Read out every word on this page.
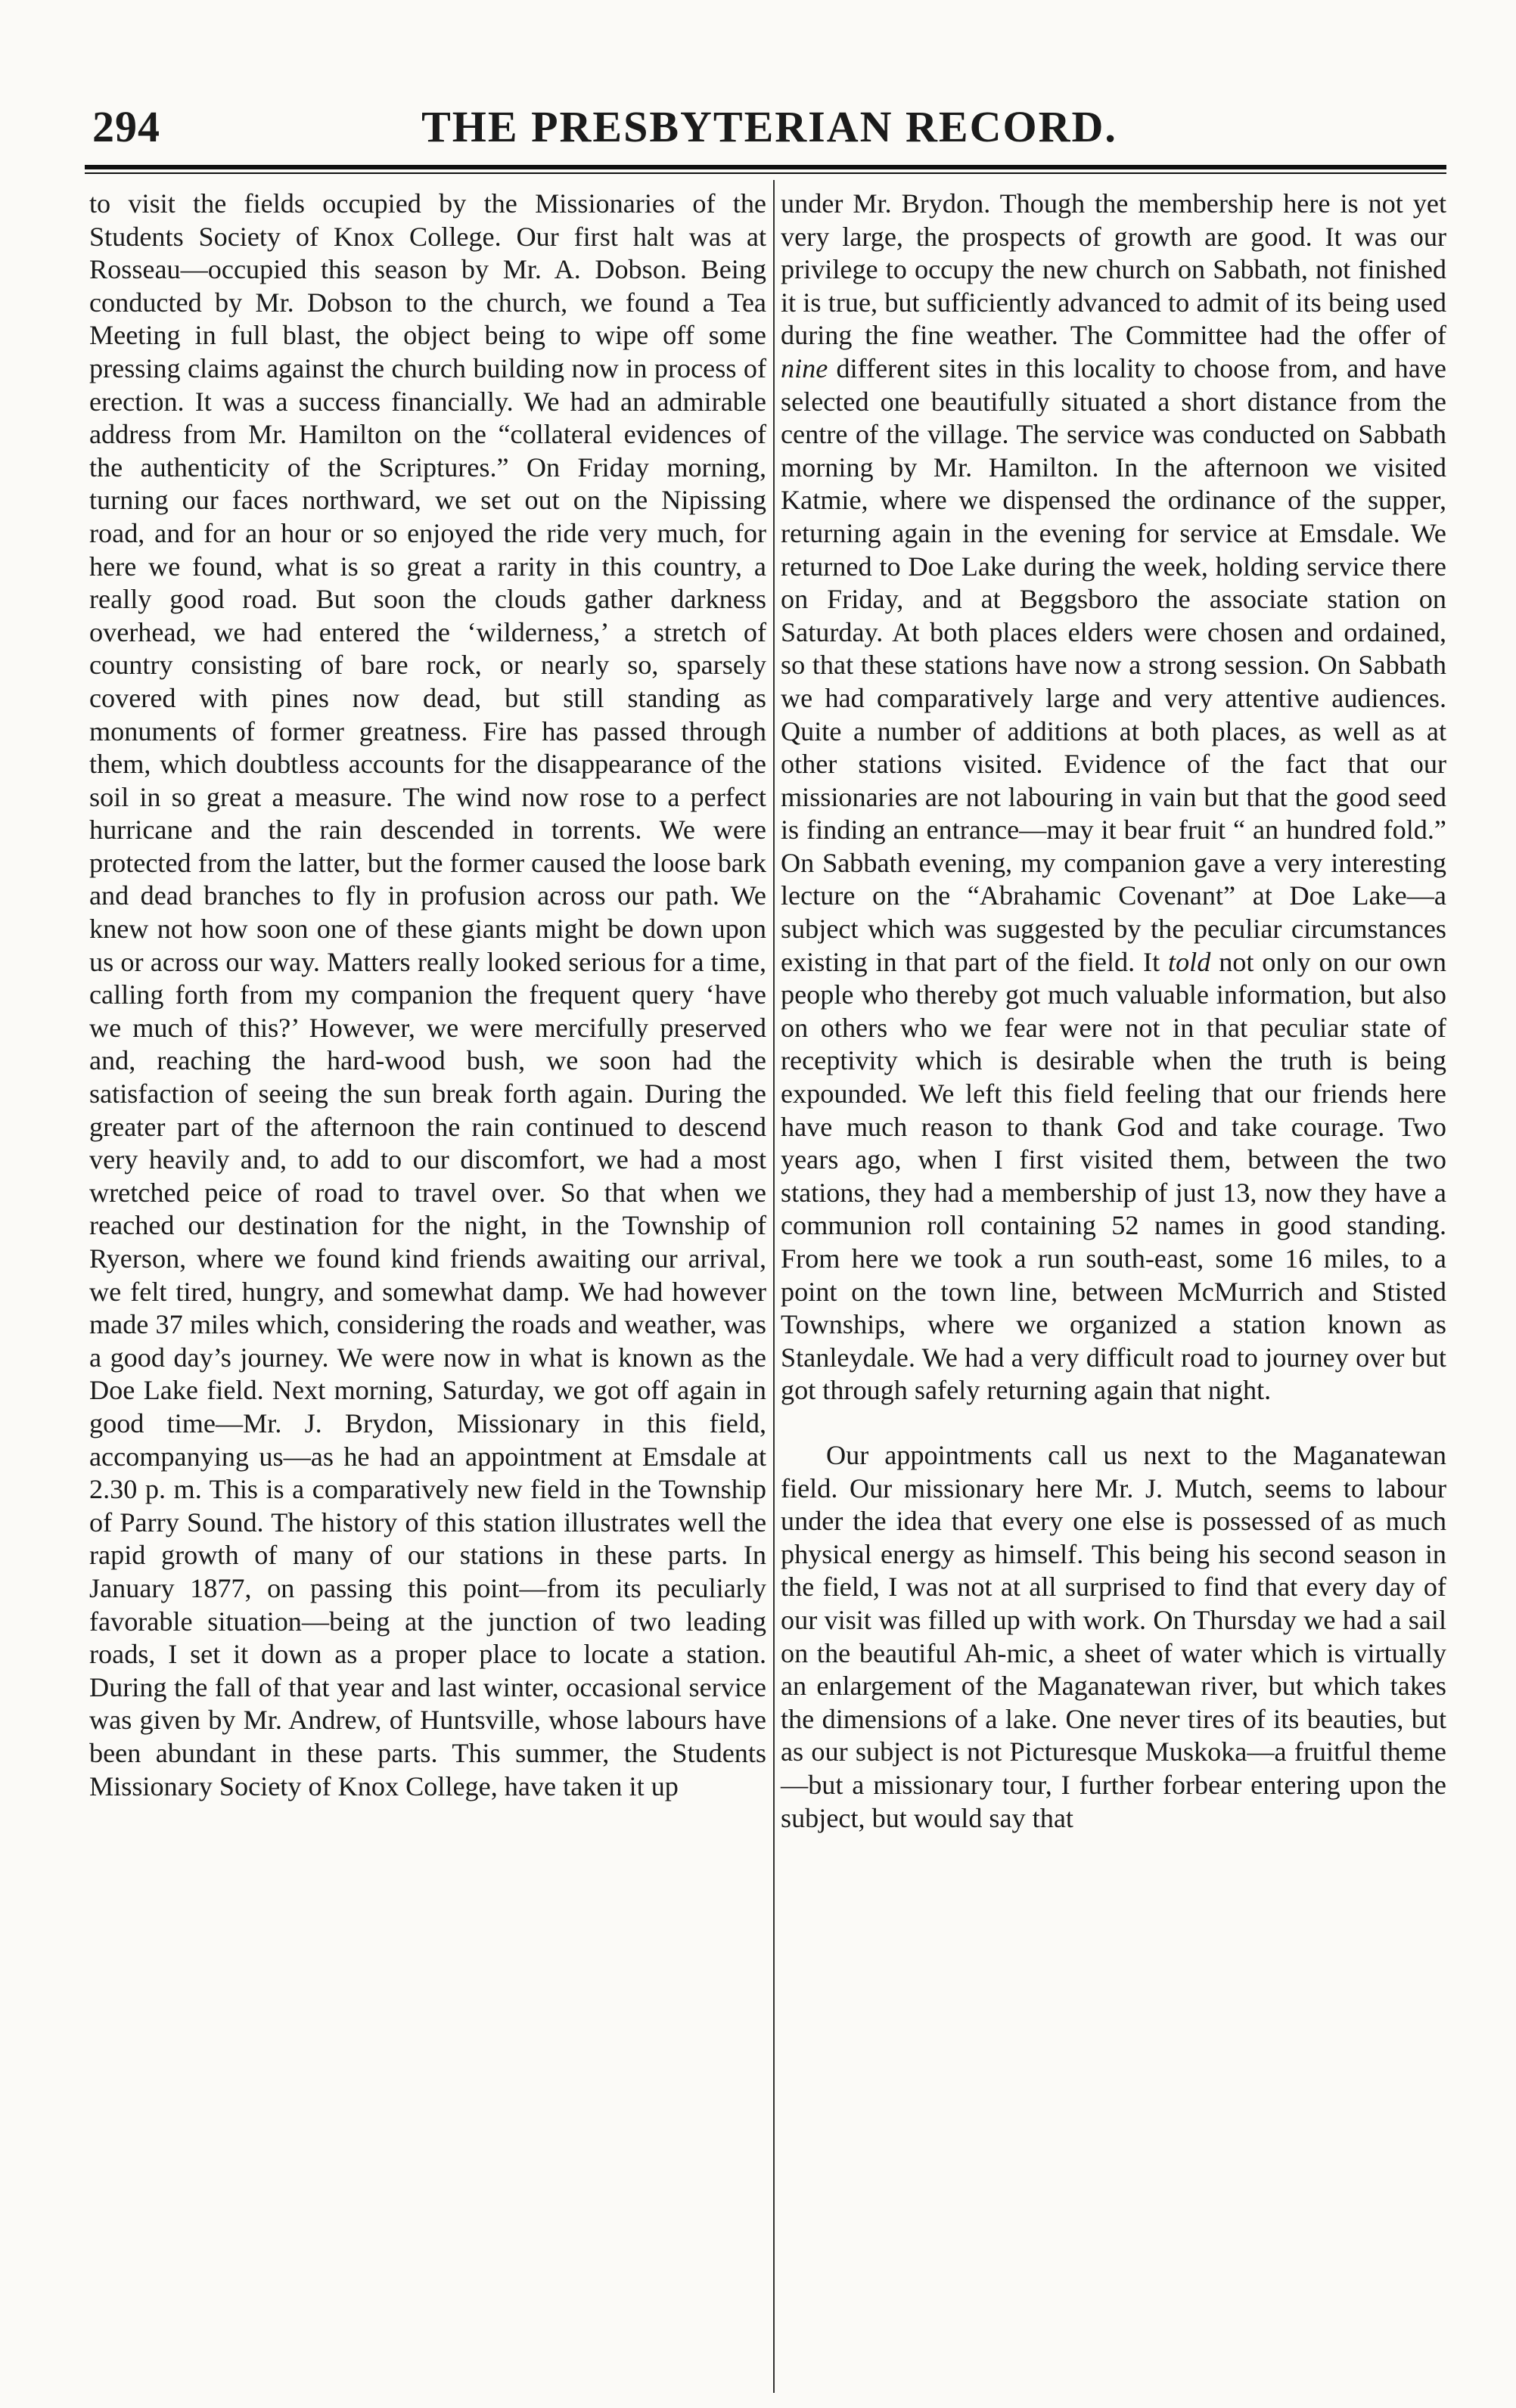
294	THE PRESBYTERIAN RECORD.

to visit the fields occupied by the Missionaries of the Students Society of Knox College. Our first halt was at Rosseau—occupied this season by Mr. A. Dobson. Being conducted by Mr. Dobson to the church, we found a Tea Meeting in full blast, the object being to wipe off some pressing claims against the church building now in process of erection. It was a success financially. We had an admirable address from Mr. Hamilton on the “collateral evidences of the authenticity of the Scriptures.” On Friday morning, turning our faces northward, we set out on the Nipissing road, and for an hour or so enjoyed the ride very much, for here we found, what is so great a rarity in this country, a really good road. But soon the clouds gather darkness overhead, we had entered the ‘wilderness,’ a stretch of country consisting of bare rock, or nearly so, sparsely covered with pines now dead, but still standing as monuments of former greatness. Fire has passed through them, which doubtless accounts for the disappearance of the soil in so great a measure. The wind now rose to a perfect hurricane and the rain descended in torrents. We were protected from the latter, but the former caused the loose bark and dead branches to fly in profusion across our path. We knew not how soon one of these giants might be down upon us or across our way. Matters really looked serious for a time, calling forth from my companion the frequent query ‘have we much of this?’ However, we were mercifully preserved and, reaching the hard-wood bush, we soon had the satisfaction of seeing the sun break forth again. During the greater part of the afternoon the rain continued to descend very heavily and, to add to our discomfort, we had a most wretched peice of road to travel over. So that when we reached our destination for the night, in the Township of Ryerson, where we found kind friends awaiting our arrival, we felt tired, hungry, and somewhat damp. We had however made 37 miles which, considering the roads and weather, was a good day’s journey. We were now in what is known as the Doe Lake field. Next morning, Saturday, we got off again in good time—Mr. J. Brydon, Missionary in this field, accompanying us—as he had an appointment at Emsdale at 2.30 p. m. This is a comparatively new field in the Township of Parry Sound. The history of this station illustrates well the rapid growth of many of our stations in these parts. In January 1877, on passing this point—from its peculiarly favorable situation—being at the junction of two leading roads, I set it down as a proper place to locate a station. During the fall of that year and last winter, occasional service was given by Mr. Andrew, of Huntsville, whose labours have been abundant in these parts. This summer, the Students Missionary Society of Knox College, have taken it up

under Mr. Brydon. Though the membership here is not yet very large, the prospects of growth are good. It was our privilege to occupy the new church on Sabbath, not finished it is true, but sufficiently advanced to admit of its being used during the fine weather. The Committee had the offer of nine different sites in this locality to choose from, and have selected one beautifully situated a short distance from the centre of the village. The service was conducted on Sabbath morning by Mr. Hamilton. In the afternoon we visited Katmie, where we dispensed the ordinance of the supper, returning again in the evening for service at Emsdale. We returned to Doe Lake during the week, holding service there on Friday, and at Beggsboro the associate station on Saturday. At both places elders were chosen and ordained, so that these stations have now a strong session. On Sabbath we had comparatively large and very attentive audiences. Quite a number of additions at both places, as well as at other stations visited. Evidence of the fact that our missionaries are not labouring in vain but that the good seed is finding an entrance—may it bear fruit “ an hundred fold.” On Sabbath evening, my companion gave a very interesting lecture on the “Abrahamic Covenant” at Doe Lake—a subject which was suggested by the peculiar circumstances existing in that part of the field. It told not only on our own people who thereby got much valuable information, but also on others who we fear were not in that peculiar state of receptivity which is desirable when the truth is being expounded. We left this field feeling that our friends here have much reason to thank God and take courage. Two years ago, when I first visited them, between the two stations, they had a membership of just 13, now they have a communion roll containing 52 names in good standing. From here we took a run south-east, some 16 miles, to a point on the town line, between McMurrich and Stisted Townships, where we organized a station known as Stanleydale. We had a very difficult road to journey over but got through safely returning again that night.

Our appointments call us next to the Maganatewan field. Our missionary here Mr. J. Mutch, seems to labour under the idea that every one else is possessed of as much physical energy as himself. This being his second season in the field, I was not at all surprised to find that every day of our visit was filled up with work. On Thursday we had a sail on the beautiful Ah-mic, a sheet of water which is virtually an enlargement of the Maganatewan river, but which takes the dimensions of a lake. One never tires of its beauties, but as our subject is not Picturesque Muskoka—a fruitful theme—but a missionary tour, I further forbear entering upon the subject, but would say that
